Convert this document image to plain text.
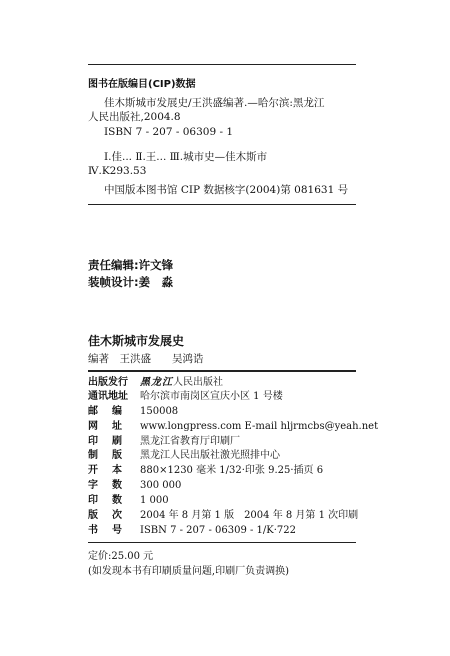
图书在版编目(CIP)数据
佳木斯城市发展史/王洪盛编著.—哈尔滨:黑龙江
人民出版社,2004.8
ISBN 7 - 207 - 06309 - 1
Ⅰ.佳... Ⅱ.王... Ⅲ.城市史—佳木斯市
Ⅳ.K293.53
中国版本图书馆 CIP 数据核字(2004)第 081631 号
责任编辑:许文锋
装帧设计:姜　淼
佳木斯城市发展史
编著　王洪盛　　吴鸿诰
出版发行 黑龙江人民出版社
通讯地址 哈尔滨市南岗区宣庆小区 1 号楼
邮编 150008
网址 www.longpress.com E-mail hljrmcbs@yeah.net
印刷 黑龙江省教育厅印刷厂
制版 黑龙江人民出版社激光照排中心
开本 880×1230 毫米 1/32·印张 9.25·插页 6
字数 300 000
印数 1 000
版次 2004 年 8 月第 1 版　2004 年 8 月第 1 次印刷
书号 ISBN 7 - 207 - 06309 - 1/K·722
定价:25.00 元
(如发现本书有印刷质量问题,印刷厂负责调换)
